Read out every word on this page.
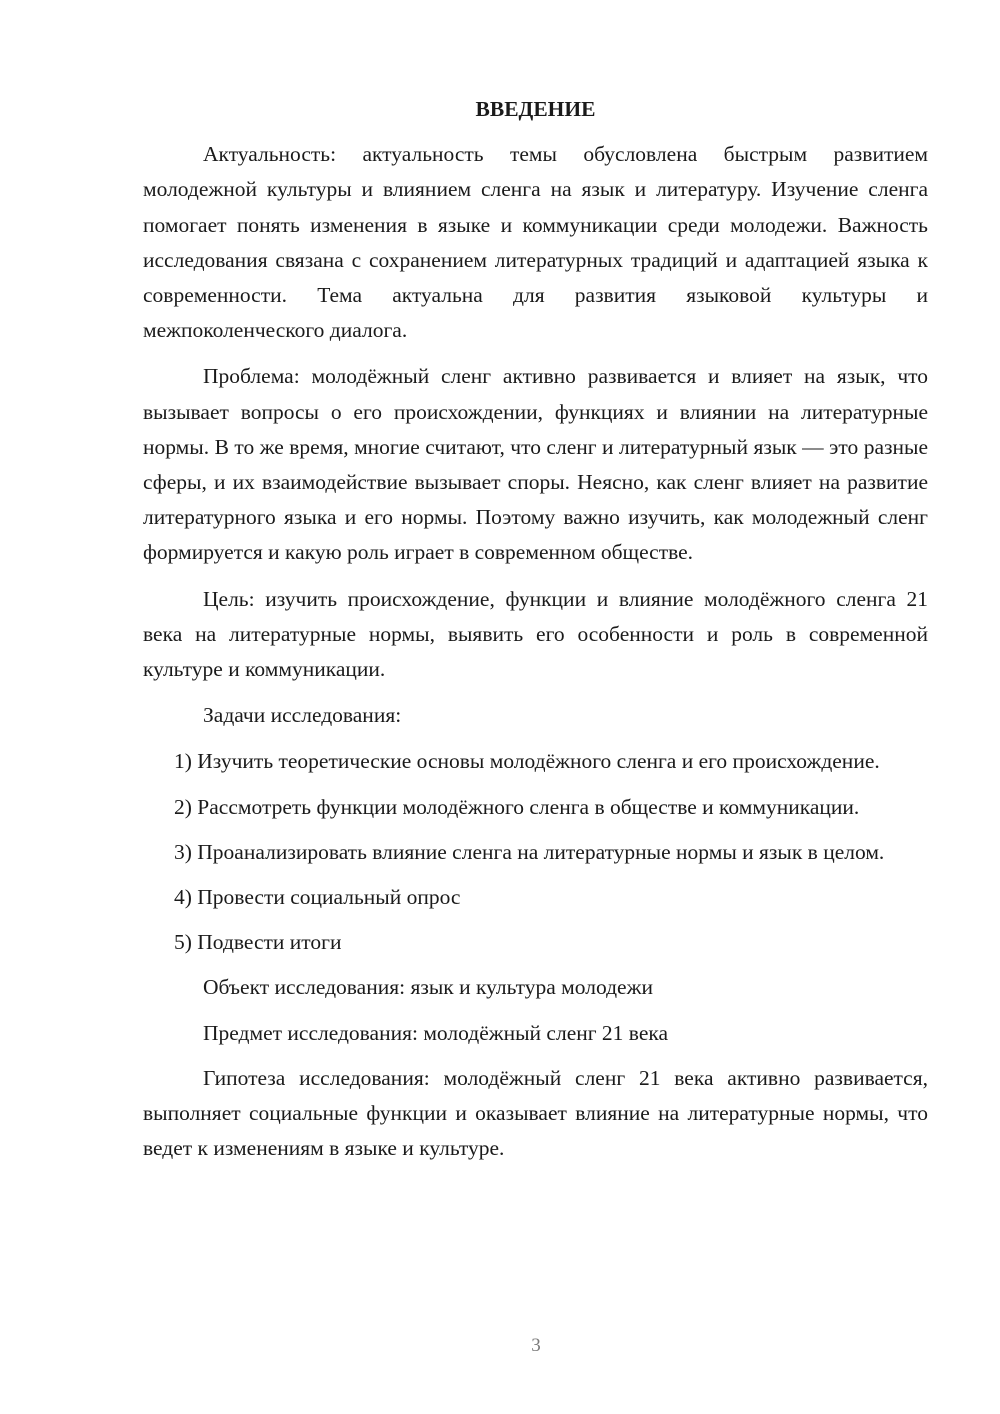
ВВЕДЕНИЕ

Актуальность: актуальность темы обусловлена быстрым развитием молодежной культуры и влиянием сленга на язык и литературу. Изучение сленга помогает понять изменения в языке и коммуникации среди молодежи. Важность исследования связана с сохранением литературных традиций и адаптацией языка к современности. Тема актуальна для развития языковой культуры и межпоколенческого диалога.

Проблема: молодёжный сленг активно развивается и влияет на язык, что вызывает вопросы о его происхождении, функциях и влиянии на литературные нормы. В то же время, многие считают, что сленг и литературный язык — это разные сферы, и их взаимодействие вызывает споры. Неясно, как сленг влияет на развитие литературного языка и его нормы. Поэтому важно изучить, как молодежный сленг формируется и какую роль играет в современном обществе.

Цель: изучить происхождение, функции и влияние молодёжного сленга 21 века на литературные нормы, выявить его особенности и роль в современной культуре и коммуникации.

Задачи исследования:

1) Изучить теоретические основы молодёжного сленга и его происхождение.

2) Рассмотреть функции молодёжного сленга в обществе и коммуникации.

3) Проанализировать влияние сленга на литературные нормы и язык в целом.

4) Провести социальный опрос

5) Подвести итоги

Объект исследования: язык и культура молодежи

Предмет исследования: молодёжный сленг 21 века

Гипотеза исследования: молодёжный сленг 21 века активно развивается, выполняет социальные функции и оказывает влияние на литературные нормы, что ведет к изменениям в языке и культуре.

3
